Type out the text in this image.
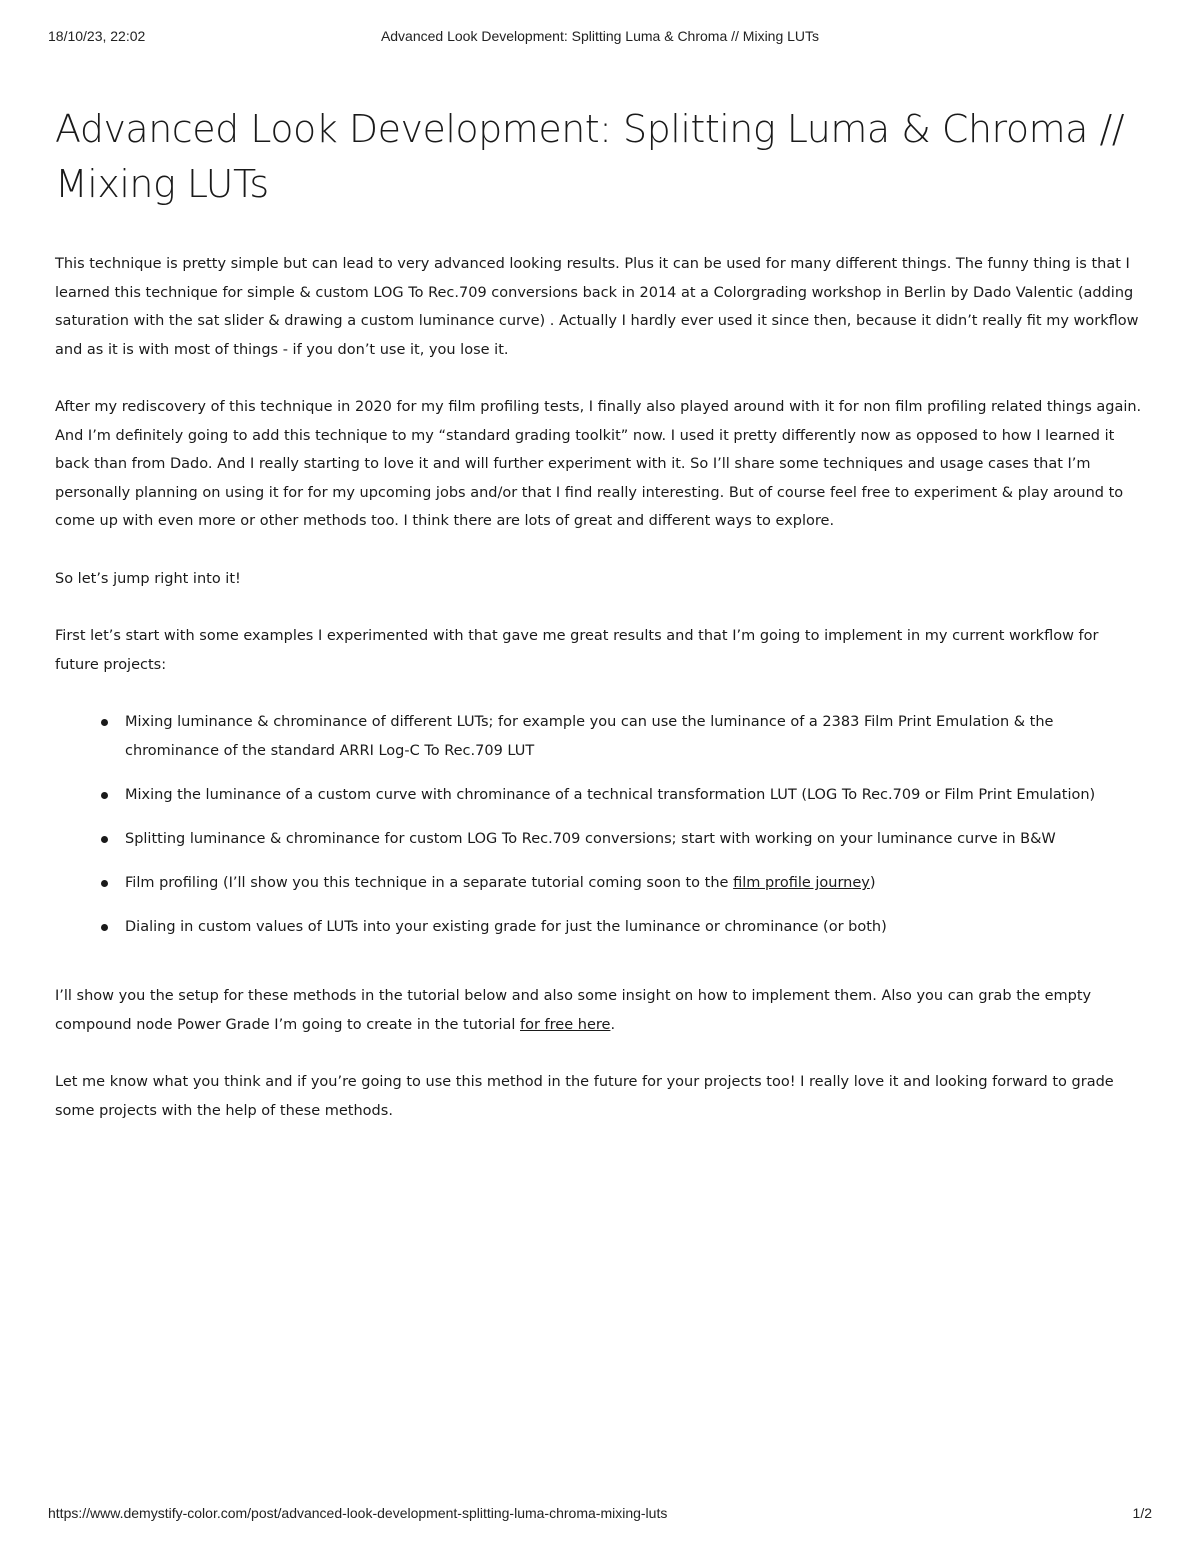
18/10/23, 22:02	Advanced Look Development: Splitting Luma & Chroma // Mixing LUTs
Advanced Look Development: Splitting Luma & Chroma // Mixing LUTs

This technique is pretty simple but can lead to very advanced looking results. Plus it can be used for many different things. The funny thing is that I learned this technique for simple & custom LOG To Rec.709 conversions back in 2014 at a Colorgrading workshop in Berlin by Dado Valentic (adding saturation with the sat slider & drawing a custom luminance curve) . Actually I hardly ever used it since then, because it didn’t really fit my workflow and as it is with most of things - if you don’t use it, you lose it.

After my rediscovery of this technique in 2020 for my film profiling tests, I finally also played around with it for non film profiling related things again. And I’m definitely going to add this technique to my “standard grading toolkit” now. I used it pretty differently now as opposed to how I learned it back than from Dado. And I really starting to love it and will further experiment with it. So I’ll share some techniques and usage cases that I’m personally planning on using it for for my upcoming jobs and/or that I find really interesting. But of course feel free to experiment & play around to come up with even more or other methods too. I think there are lots of great and different ways to explore.

So let’s jump right into it!

First let’s start with some examples I experimented with that gave me great results and that I’m going to implement in my current workflow for future projects:

Mixing luminance & chrominance of different LUTs; for example you can use the luminance of a 2383 Film Print Emulation & the chrominance of the standard ARRI Log-C To Rec.709 LUT
Mixing the luminance of a custom curve with chrominance of a technical transformation LUT (LOG To Rec.709 or Film Print Emulation)
Splitting luminance & chrominance for custom LOG To Rec.709 conversions; start with working on your luminance curve in B&W
Film profiling (I’ll show you this technique in a separate tutorial coming soon to the film profile journey)
Dialing in custom values of LUTs into your existing grade for just the luminance or chrominance (or both)

I’ll show you the setup for these methods in the tutorial below and also some insight on how to implement them. Also you can grab the empty compound node Power Grade I’m going to create in the tutorial for free here.

Let me know what you think and if you’re going to use this method in the future for your projects too! I really love it and looking forward to grade some projects with the help of these methods.

https://www.demystify-color.com/post/advanced-look-development-splitting-luma-chroma-mixing-luts	1/2
